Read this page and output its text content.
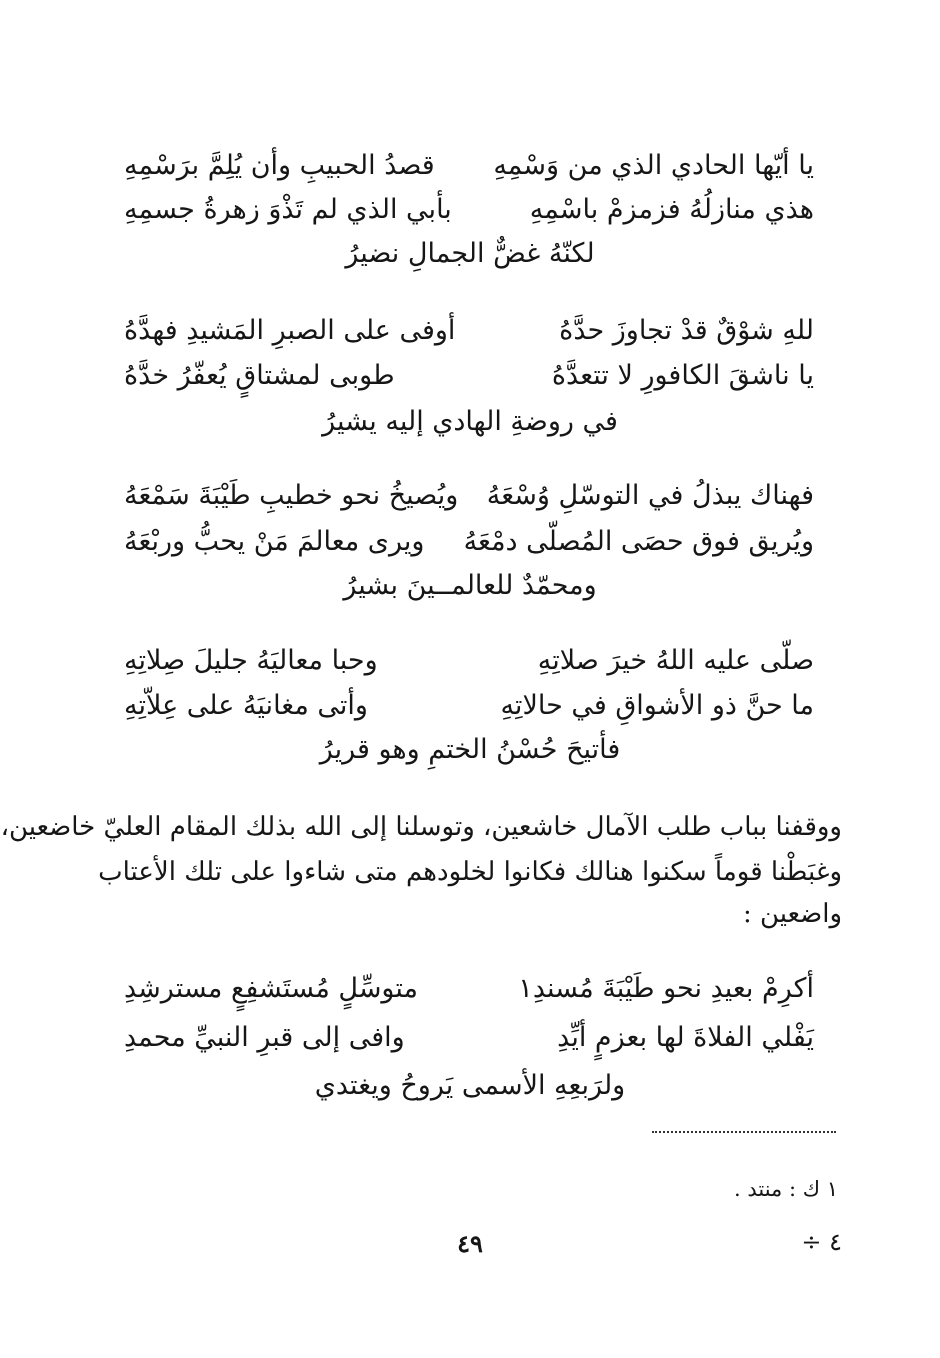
يا أيّها الحادي الذي من وَسْمِهِ
قصدُ الحبيبِ وأن يُلِمَّ برَسْمِهِ
هذي منازلُهُ فزمزمْ باسْمِهِ
بأبي الذي لم تَذْوَ زهرةُ جسمِهِ
لكنّهُ غضٌّ الجمالِ نضيرُ
للهِ شوْقٌ قدْ تجاوزَ حدَّهُ
أوفى على الصبرِ المَشيدِ فهدَّهُ
يا ناشقَ الكافورِ لا تتعدَّهُ
طوبى لمشتاقٍ يُعفّرُ خدَّهُ
في روضةِ الهادي إليه يشيرُ
فهناك يبذلُ في التوسّلِ وُسْعَهُ
ويُصيخُ نحو خطيبِ طَيْبَةَ سَمْعَهُ
ويُريق فوق حصَى المُصلّى دمْعَهُ
ويرى معالمَ مَنْ يحبُّ وربْعَهُ
ومحمّدٌ للعالمــينَ بشيرُ
صلّى عليه اللهُ خيرَ صلاتِهِ
وحبا معاليَهُ جليلَ صِلاتِهِ
ما حنَّ ذو الأشواقِ في حالاتِهِ
وأتى مغانيَهُ على عِلاّتِهِ
فأتيحَ حُسْنُ الختمِ وهو قريرُ
ووقفنا بباب طلب الآمال خاشعين، وتوسلنا إلى الله بذلك المقام العليّ خاضعين،
وغبَطْنا قوماً سكنوا هنالك فكانوا لخلودهم متى شاءوا على تلك الأعتاب
واضعين :
أكرِمْ بعيدِ نحو طَيْبَةَ مُسندِ١
متوسِّلٍ مُستَشفِعٍ مسترشِدِ
يَفْلي الفلاةَ لها بعزمٍ أيِّدِ
وافى إلى قبرِ النبيِّ محمدِ
ولرَبعِهِ الأسمى يَروحُ ويغتدي
١ ك : منتد .
٤٩	٤ ÷
